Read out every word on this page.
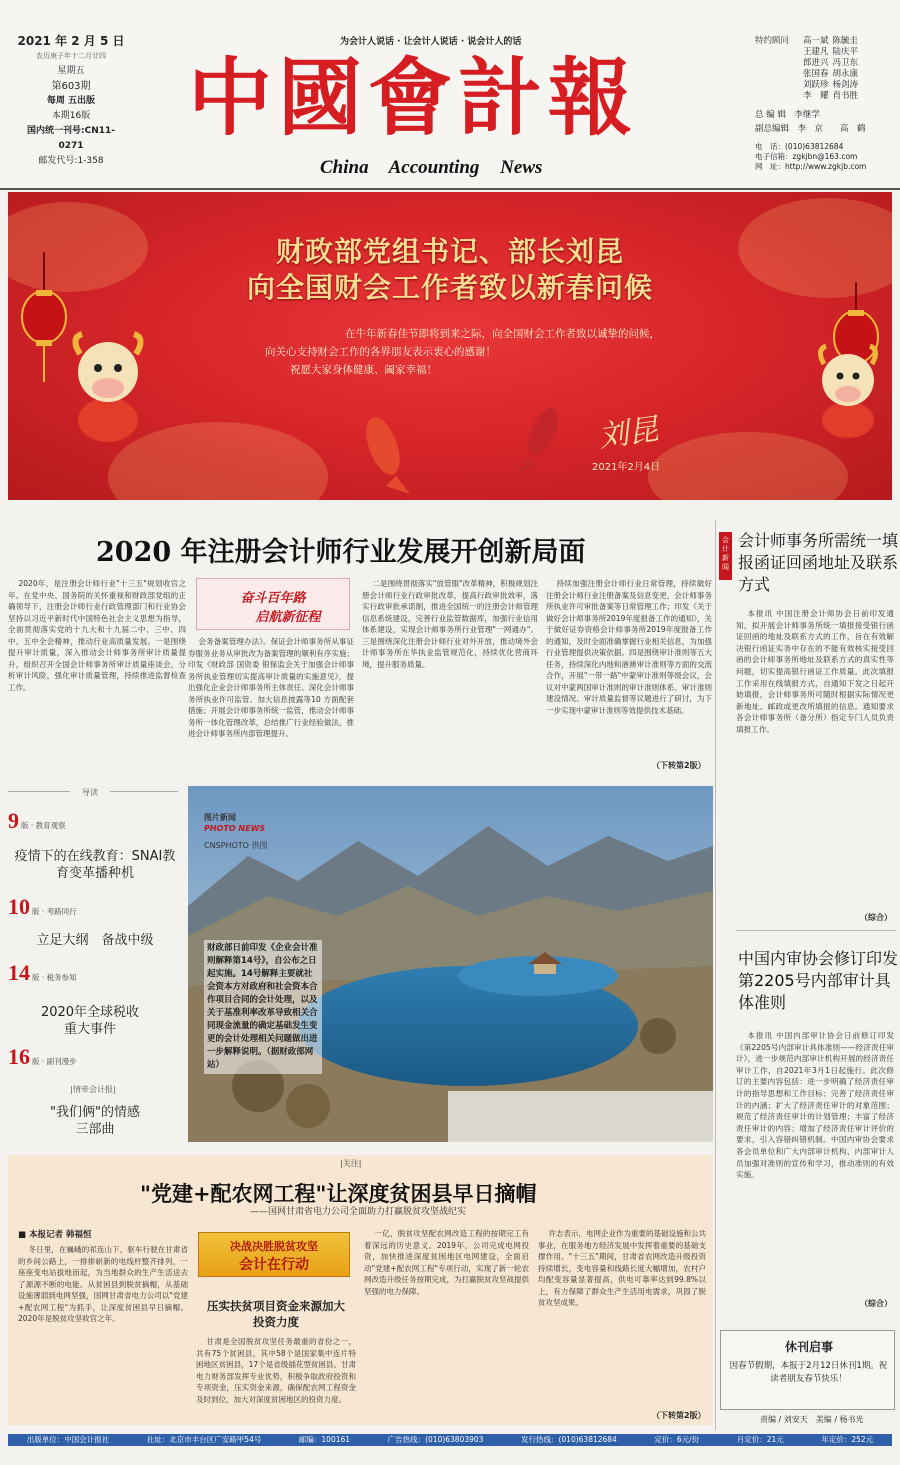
2021 年 2 月 5 日
农历庚子年十二月廿四
星期五
第603期
每周 五出版
本期16版
国内统一刊号:CN11-0271
邮发代号:1-358
为会计人说话 · 让会计人说话 · 说会计人的话
中國會計報
China Accounting News
特约顾问	高一斌 陈毓圭
王建凡 陆庆平
郎进兴 冯卫东
张国春 胡永康
刘跃珍 杨剑涛
李　耀 肖书胜
总 编 辑　 李继学
副总编辑　 李　京　　高　鹤
电　话：(010)63812684
电子信箱：zgkjbn@163.com
网　址：http://www.zgkjb.com
财政部党组书记、部长刘昆
向全国财会工作者致以新春问候
在牛年新春佳节即将到来之际，向全国财会工作者致以诚挚的问候，
向关心支持财会工作的各界朋友表示衷心的感谢！
祝愿大家身体健康、阖家幸福！
刘昆
2021年2月4日
2020 年注册会计师行业发展开创新局面
2020年，是注册会计师行业"十三五"规划收官之年。在党中央、国务院的关怀重视和财政部党组的正确领导下，注册会计师行业行政管理部门和行业协会坚持以习近平新时代中国特色社会主义思想为指导，全面贯彻落实党的十九大和十九届二中、三中、四中、五中全会精神，推动行业高质量发展。一是围绕提升审计质量，深入推动会计师事务所审计质量提升，组织召开全国会计师事务所审计质量座谈会，分析审计风险，强化审计质量管理，持续推进监督检查工作。
奋斗百年路
启航新征程
会务备案管理办法》。保证会计师事务所从事证券服务业务从审批改为备案管理的顺利有序实施；印发《财政部 国资委 银保监会关于加强会计师事务所执业管理切实提高审计质量的实施意见》，提出强化企业会计师事务所主体责任、深化会计师事务所执业许可监管、加大信息披露等10 方面配套措施；开展会计师事务所统一监管，推动会计师事务所一体化管理改革，总结推广行业经验做法，推进会计师事务所内部管理提升。
二是围绕贯彻落实"放管服"改革精神，积极规划注册会计师行业行政审批改革，提高行政审批效率，落实行政审批承诺制，推进全国统一的注册会计师管理信息系统建设，完善行业监管数据库，加强行业信用体系建设，实现会计师事务所行业管理"一网通办"。三是围绕深化注册会计师行业对外开放，推动境外会计师事务所在华执业监管规范化，持续优化营商环境，提升服务质量。
持续加强注册会计师行业日常管理，持续做好注册会计师行业注册备案及信息变更，会计师事务所执业许可审批备案等日常管理工作；印发《关于做好会计师事务所2019年度报备工作的通知》，关于做好证券资格会计师事务所2019年度报备工作的通知，及时全面准确掌握行业相关信息，为加强行业管理提供决策依据。四是围绕审计准则等五大任务，持续深化内地和港澳审计准则等方面的交流合作，开展"一带一路"中蒙审计准则等级会议，会议对中蒙两国审计准则的审计准则体系、审计准则建设情况、审计质量监督等议题进行了研讨，为下一步实现中蒙审计准则等效提供技术基础。
（下转第2版）
导读
9 版 · 教育观察
疫情下的在线教育：SNAI教育变革播种机
10 版 · 考路同行
立足大纲　备战中级
14 版 · 税务参知
2020年全球税收重大事件
16 版 · 副刊漫步
|情牵会计报|
"我们俩"的情感三部曲
图片新闻
PHOTO NEWS
CNSPHOTO 供图
财政部日前印发《企业会计准则解释第14号》，自公布之日起实施。14号解释主要就社会资本方对政府和社会资本合作项目合同的会计处理，以及关于基准利率改革导致相关合同现金流量的确定基础发生变更的会计处理相关问题做出进一步解释说明。（据财政部网站）
会计新闻
会计师事务所需统一填报函证回函地址及联系方式
本报讯 中国注册会计师协会日前印发通知，拟开展会计师事务所统一填报接受银行函证回函的地址及联系方式的工作，旨在有效解决银行函证实务中存在的不能有效核实接受回函的会计师事务所地址及联系方式的真实性等问题，切实提高银行函证工作质量。此次填报工作采用在线填报方式，自通知下发之日起开始填报，会计师事务所可随时根据实际情况更新地址、邮政或更改所填报的信息。通知要求各会计师事务所（备分所）指定专门人员负责填报工作。
（综合）
中国内审协会修订印发第2205号内部审计具体准则
本报讯 中国内部审计协会日前修订印发《第2205号内部审计具体准则——经济责任审计》，进一步规范内部审计机构开展的经济责任审计工作，自2021年3月1日起施行。此次修订的主要内容包括：进一步明确了经济责任审计的指导思想和工作目标；完善了经济责任审计的内涵；扩大了经济责任审计的对象范围；规范了经济责任审计的计划管理；丰富了经济责任审计的内容；增加了经济责任审计评价的要求，引入容错纠错机制。中国内审协会要求各会员单位和广大内部审计机构、内部审计人员加强对准则的宣传和学习，推动准则的有效实施。
（综合）
休刊启事
因春节假期，本报于2月12日休刊1期。祝读者朋友春节快乐！
|关注|
"党建+配农网工程"让深度贫困县早日摘帽
——国网甘肃省电力公司全面助力打赢脱贫攻坚战纪实
■ 本报记者 韩福恒
冬日里，在巍峨的祁连山下，驱车行驶在甘肃省的乡间公路上，一排排崭新的电线杆整齐排列，一座座变电站拔地而起，为当地群众的生产生活送去了源源不断的电能。从贫困县到脱贫摘帽，从基础设施薄弱到电网坚强，国网甘肃省电力公司以"党建+配农网工程"为抓手，让深度贫困县早日摘帽。2020年是脱贫攻坚收官之年。
决战决胜脱贫攻坚
会计在行动
压实扶贫项目资金来源加大投资力度
甘肃是全国脱贫攻坚任务最重的省份之一，共有75个贫困县，其中58个是国家集中连片特困地区贫困县，17个是省级插花型贫困县。甘肃电力财务部发挥专业优势，积极争取政府投资和专项资金，压实资金来源，确保配农网工程资金及时到位，加大对深度贫困地区的投资力度。
一亿，脱贫攻坚配农网改造工程的按期完工有着深远的历史意义。2019年，公司完成电网投资，加快推进深度贫困地区电网建设，全面启动"党建+配农网工程"专项行动，实现了新一轮农网改造升级任务按期完成，为打赢脱贫攻坚战提供坚强的电力保障。
许志表示，电网企业作为重要的基础设施和公共事业，在服务地方经济发展中发挥着重要的基础支撑作用。"十三五"期间，甘肃省农网改造升级投资持续增长，变电容量和线路长度大幅增加，农村户均配变容量显著提高，供电可靠率达到99.8%以上，有力保障了群众生产生活用电需求，巩固了脱贫攻坚成果。
（下转第2版）	责编 / 刘安天　美编 / 杨书光
出版单位：中国会计报社	社址：北京市丰台区广安路甲54号	邮编：100161	广告热线：(010)63803903	发行热线：(010)63812684	定价：6元/份	月定价：21元	年定价：252元
